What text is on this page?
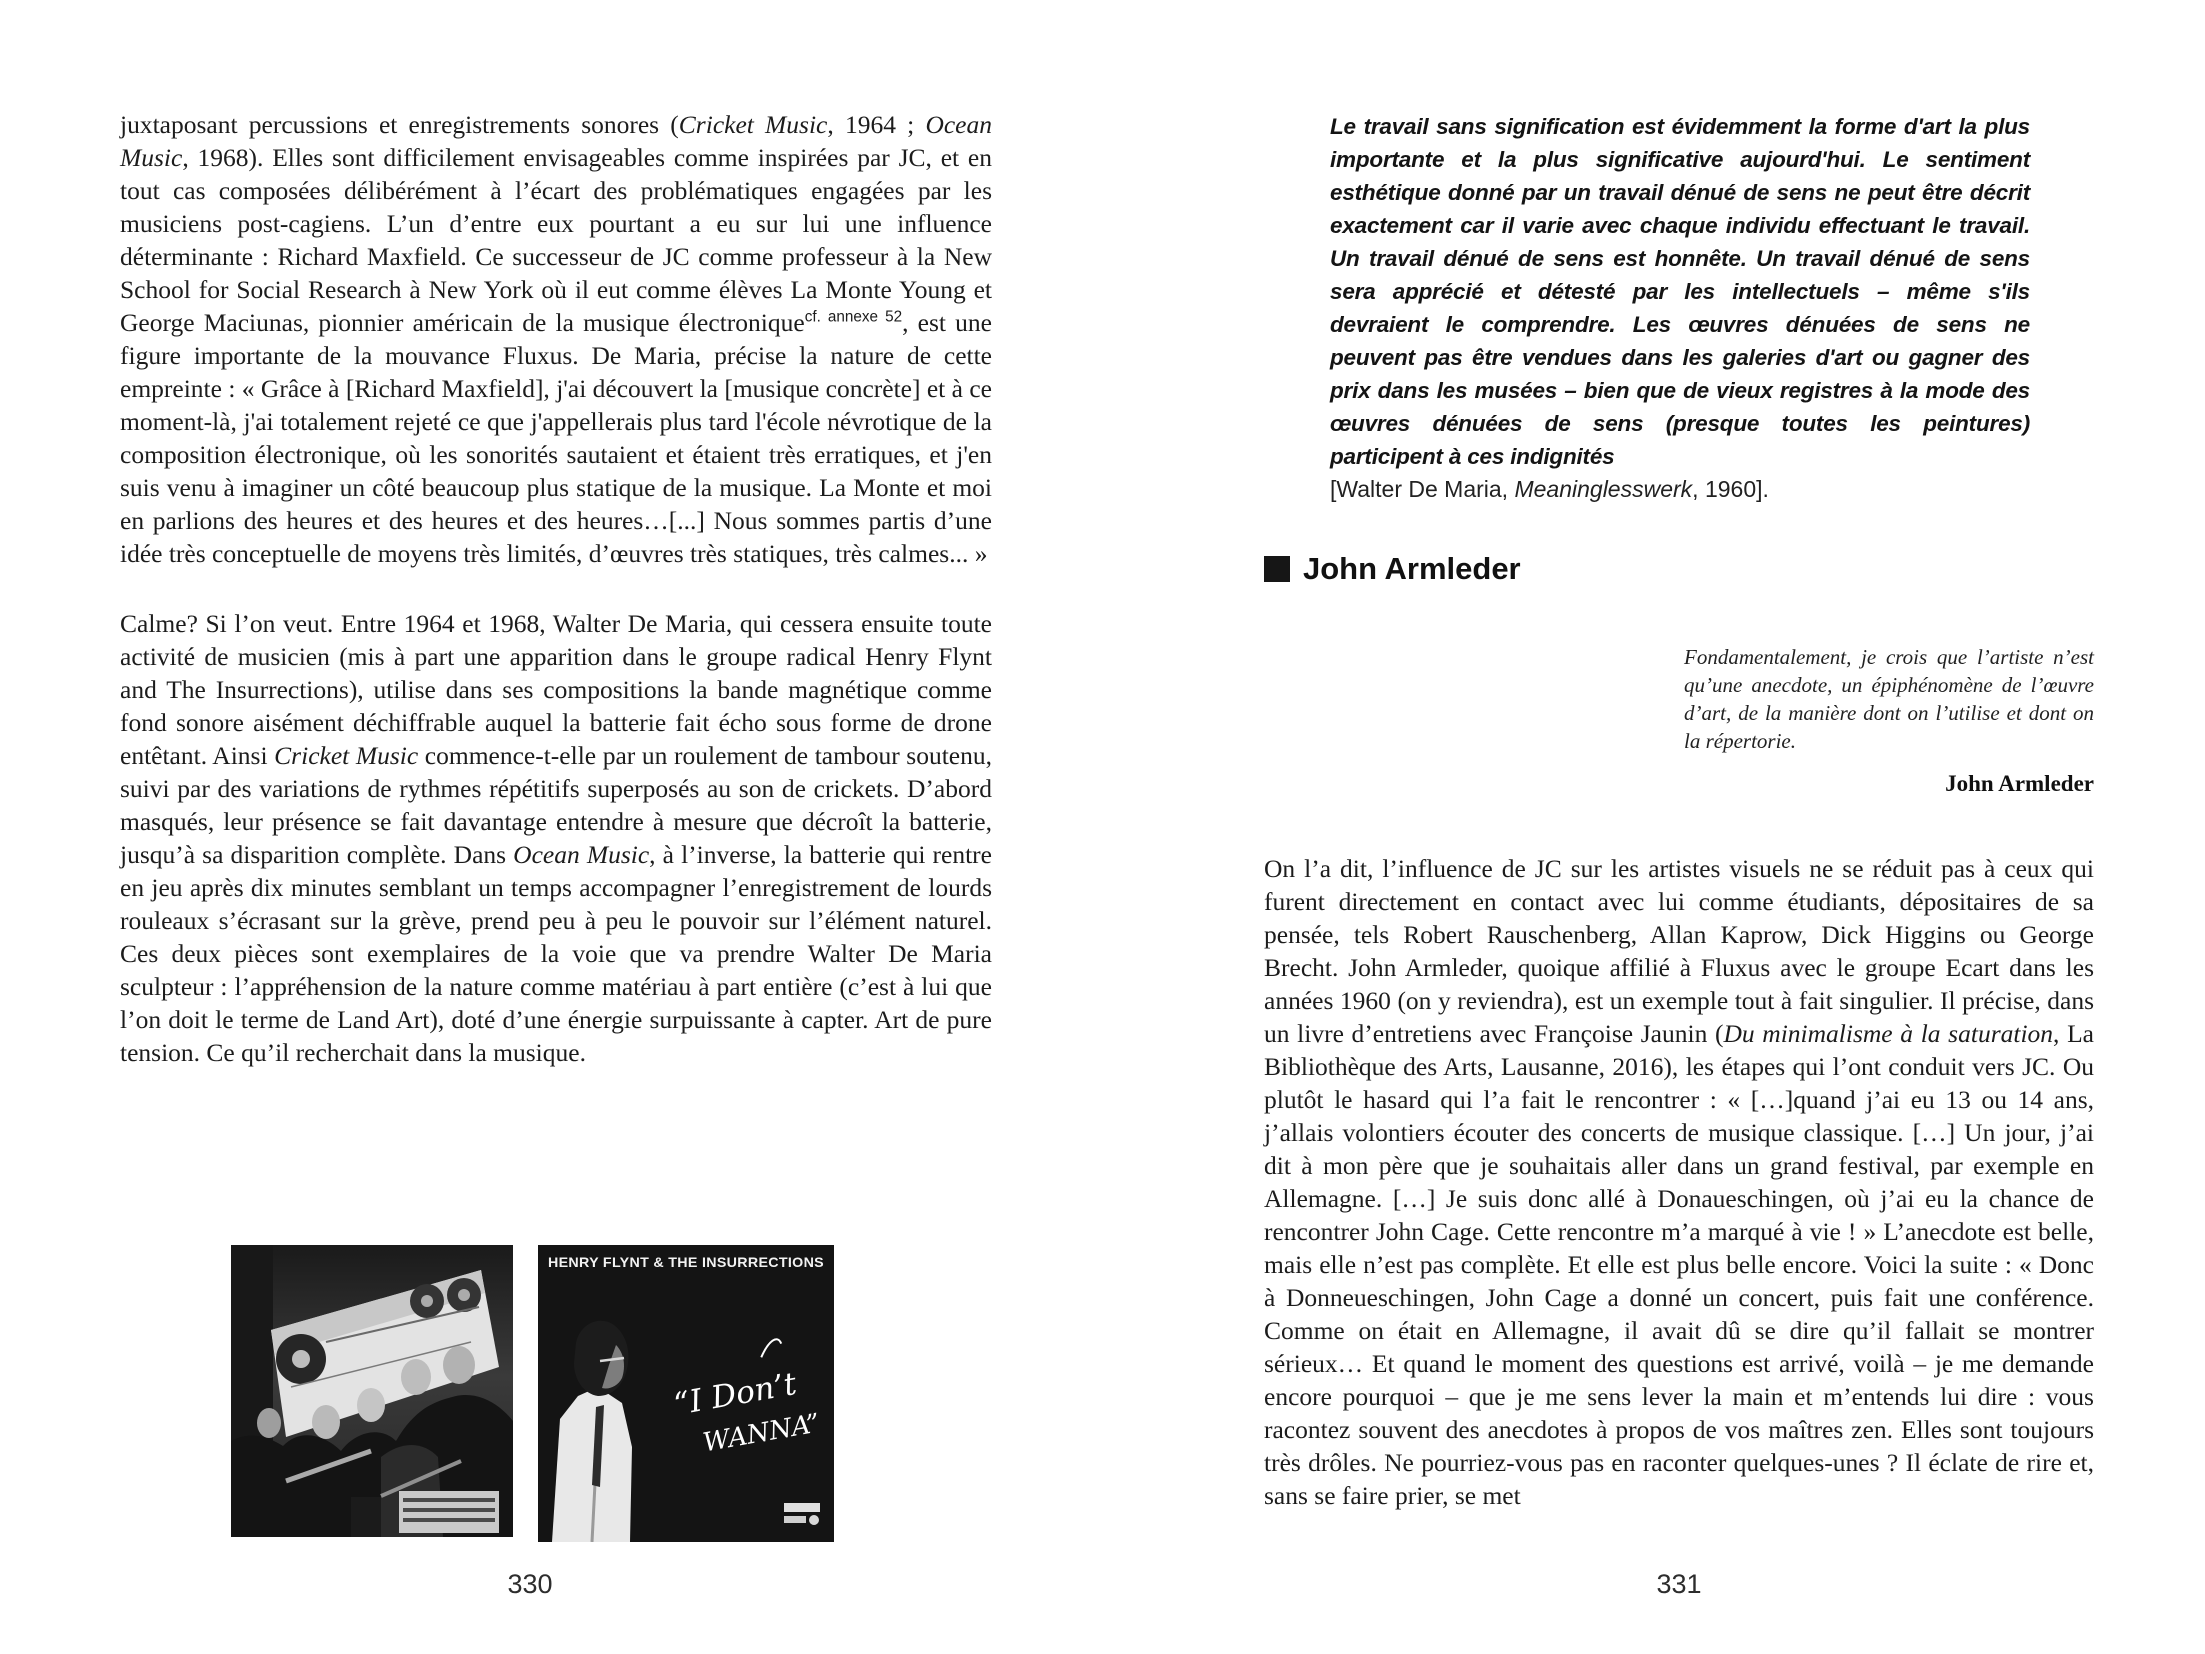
juxtaposant percussions et enregistrements sonores (Cricket Music, 1964 ; Ocean Music, 1968). Elles sont difficilement envisageables comme inspirées par JC, et en tout cas composées délibérément à l’écart des problématiques engagées par les musiciens post-cagiens. L’un d’entre eux pourtant a eu sur lui une influence déterminante : Richard Maxfield. Ce successeur de JC comme professeur à la New School for Social Research à New York où il eut comme élèves La Monte Young et George Maciunas, pionnier américain de la musique électronique$^{cf. annexe 52}$, est une figure importante de la mouvance Fluxus. De Maria, précise la nature de cette empreinte : « Grâce à [Richard Maxfield], j'ai découvert la [musique concrète] et à ce moment-là, j'ai totalement rejeté ce que j'appellerais plus tard l'école névrotique de la composition électronique, où les sonorités sautaient et étaient très erratiques, et j'en suis venu à imaginer un côté beaucoup plus statique de la musique. La Monte et moi en parlions des heures et des heures et des heures…[...] Nous sommes partis d’une idée très conceptuelle de moyens très limités, d’œuvres très statiques, très calmes... »

Calme? Si l’on veut. Entre 1964 et 1968, Walter De Maria, qui cessera ensuite toute activité de musicien (mis à part une apparition dans le groupe radical Henry Flynt and The Insurrections), utilise dans ses compositions la bande magnétique comme fond sonore aisément déchiffrable auquel la batterie fait écho sous forme de drone entêtant. Ainsi Cricket Music commence-t-elle par un roulement de tambour soutenu, suivi par des variations de rythmes répétitifs superposés au son de crickets. D’abord masqués, leur présence se fait davantage entendre à mesure que décroît la batterie, jusqu’à sa disparition complète. Dans Ocean Music, à l’inverse, la batterie qui rentre en jeu après dix minutes semblant un temps accompagner l’enregistrement de lourds rouleaux s’écrasant sur la grève, prend peu à peu le pouvoir sur l’élément naturel. Ces deux pièces sont exemplaires de la voie que va prendre Walter De Maria sculpteur : l’appréhension de la nature comme matériau à part entière (c’est à lui que l’on doit le terme de Land Art), doté d’une énergie surpuissante à capter. Art de pure tension. Ce qu’il recherchait dans la musique.

HENRY FLYNT & THE INSURRECTIONS
“I Don’t
WANNA”
330

Le travail sans signification est évidemment la forme d'art la plus importante et la plus significative aujourd'hui. Le sentiment esthétique donné par un travail dénué de sens ne peut être décrit exactement car il varie avec chaque individu effectuant le travail. Un travail dénué de sens est honnête. Un travail dénué de sens sera apprécié et détesté par les intellectuels – même s'ils devraient le comprendre. Les œuvres dénuées de sens ne peuvent pas être vendues dans les galeries d'art ou gagner des prix dans les musées – bien que de vieux registres à la mode des œuvres dénuées de sens (presque toutes les peintures) participent à ces indignités

[Walter De Maria, Meaninglesswerk, 1960].

John Armleder
Fondamentalement, je crois que l’artiste n’est qu’une anecdote, un épiphénomène de l’œuvre d’art, de la manière dont on l’utilise et dont on la répertorie.
John Armleder

On l’a dit, l’influence de JC sur les artistes visuels ne se réduit pas à ceux qui furent directement en contact avec lui comme étudiants, dépositaires de sa pensée, tels Robert Rauschenberg, Allan Kaprow, Dick Higgins ou George Brecht. John Armleder, quoique affilié à Fluxus avec le groupe Ecart dans les années 1960 (on y reviendra), est un exemple tout à fait singulier. Il précise, dans un livre d’entretiens avec Françoise Jaunin (Du minimalisme à la saturation, La Bibliothèque des Arts, Lausanne, 2016), les étapes qui l’ont conduit vers JC. Ou plutôt le hasard qui l’a fait le rencontrer : « […]quand j’ai eu 13 ou 14 ans, j’allais volontiers écouter des concerts de musique classique. […] Un jour, j’ai dit à mon père que je souhaitais aller dans un grand festival, par exemple en Allemagne. […] Je suis donc allé à Donaueschingen, où j’ai eu la chance de rencontrer John Cage. Cette rencontre m’a marqué à vie ! » L’anecdote est belle, mais elle n’est pas complète. Et elle est plus belle encore. Voici la suite : « Donc à Donneueschingen, John Cage a donné un concert, puis fait une conférence. Comme on était en Allemagne, il avait dû se dire qu’il fallait se montrer sérieux… Et quand le moment des questions est arrivé, voilà – je me demande encore pourquoi – que je me sens lever la main et m’entends lui dire : vous racontez souvent des anecdotes à propos de vos maîtres zen. Elles sont toujours très drôles. Ne pourriez-vous pas en raconter quelques-unes ? Il éclate de rire et, sans se faire prier, se met

331
